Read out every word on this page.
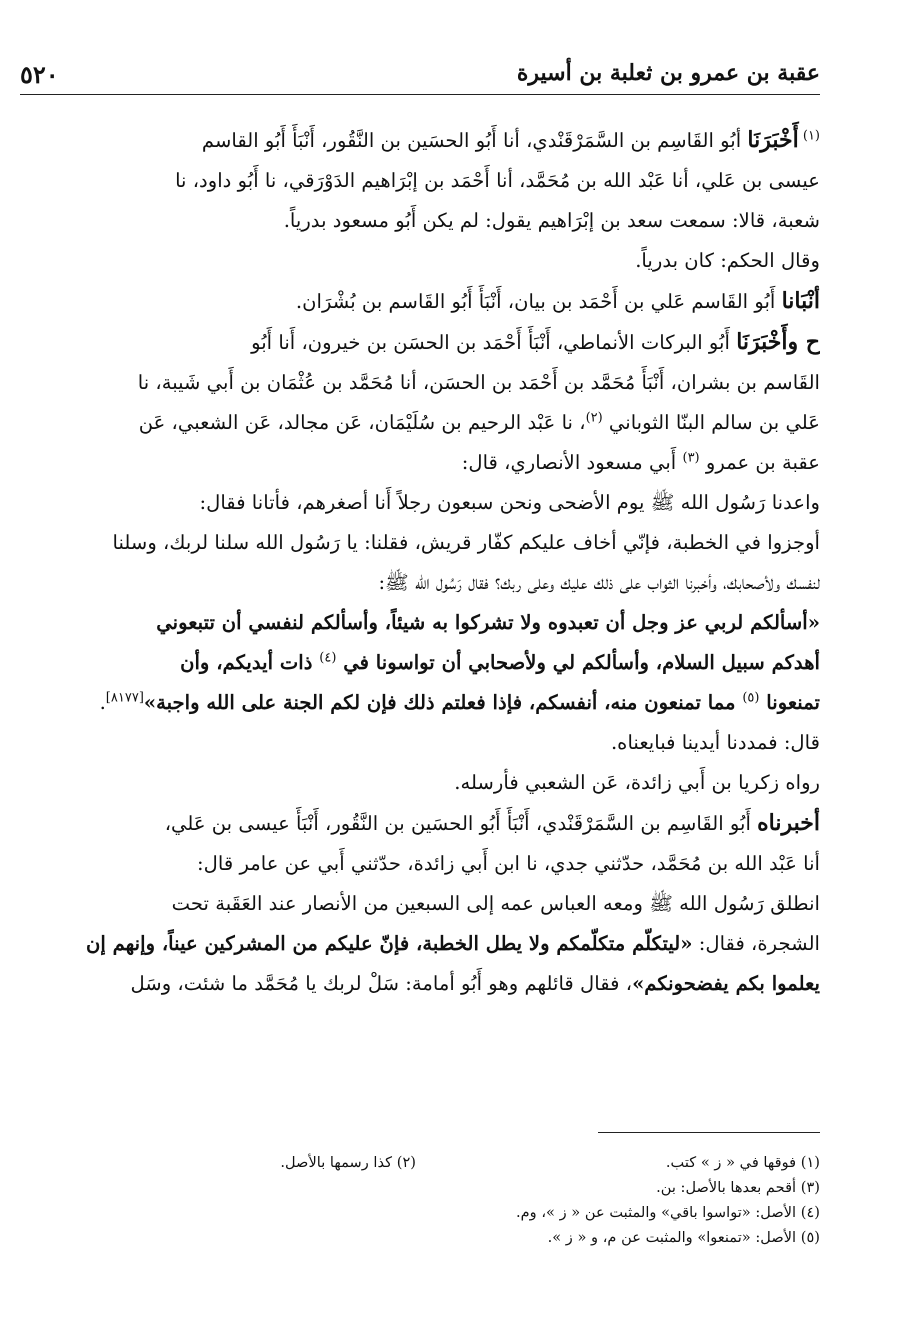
عقبة بن عمرو بن ثعلبة بن أسيرة
٥٢٠

$^{(١)}$ أَخْبَرَنَا أبُو القَاسِم بن السَّمَرْقَنْدي، أنا أَبُو الحسَين بن النَّقُور، أَنْبَأَ أَبُو القاسم

عيسى بن عَلي، أنا عَبْد الله بن مُحَمَّد، أنا أَحْمَد بن إبْرَاهيم الدَوْرَقي، نا أَبُو داود، نا

شعبة، قالا: سمعت سعد بن إبْرَاهيم يقول: لم يكن أَبُو مسعود بدرياً.

وقال الحكم: كان بدرياً.

أنْبَانا أَبُو القَاسم عَلي بن أَحْمَد بن بيان، أَنْبَأَ أَبُو القَاسم بن بُشْرَان.

ح وأَخْبَرَنَا أَبُو البركات الأنماطي، أَنْبَأَ أَحْمَد بن الحسَن بن خيرون، أَنا أَبُو

القَاسم بن بشران، أَنْبَأَ مُحَمَّد بن أَحْمَد بن الحسَن، أنا مُحَمَّد بن عُثْمَان بن أَبي شَيبة، نا

عَلي بن سالم البنّا الثوباني $^{(٢)}$، نا عَبْد الرحيم بن سُلَيْمَان، عَن مجالد، عَن الشعبي، عَن

عقبة بن عمرو $^{(٣)}$ أَبي مسعود الأنصاري، قال:

واعدنا رَسُول الله ﷺ يوم الأضحى ونحن سبعون رجلاً أَنا أصغرهم، فأتانا فقال:

أوجزوا في الخطبة، فإنّي أخاف عليكم كفّار قريش، فقلنا: يا رَسُول الله سلنا لربك، وسلنا

لنفسك ولأصحابك، وأخبرنا الثواب على ذلك عليك وعلى ربك؟ فقال رَسُول الله ﷺ:

«أسألكم لربي عز وجل أن تعبدوه ولا تشركوا به شيئاً، وأسألكم لنفسي أن تتبعوني

أهدكم سبيل السلام، وأسألكم لي ولأصحابي أن تواسونا في $^{(٤)}$ ذات أيديكم، وأن

تمنعونا $^{(٥)}$ مما تمنعون منه، أنفسكم، فإذا فعلتم ذلك فإن لكم الجنة على الله واجبة»[٨١٧٧].

قال: فمددنا أيدينا فبايعناه.

رواه زكريا بن أَبي زائدة، عَن الشعبي فأرسله.

أخبرناه أَبُو القَاسِم بن السَّمَرْقَنْدي، أَنْبَأَ أَبُو الحسَين بن النَّقُور، أَنْبَأَ عيسى بن عَلي،

أنا عَبْد الله بن مُحَمَّد، حدّثني جدي، نا ابن أَبي زائدة، حدّثني أَبي عن عامر قال:

انطلق رَسُول الله ﷺ ومعه العباس عمه إلى السبعين من الأنصار عند العَقَبة تحت

الشجرة، فقال: «ليتكلّم متكلّمكم ولا يطل الخطبة، فإنّ عليكم من المشركين عيناً، وإنهم إن

يعلموا بكم يفضحونكم»، فقال قائلهم وهو أَبُو أمامة: سَلْ لربك يا مُحَمَّد ما شئت، وسَل

(١) فوقها في « ز » كتب.
(٢) كذا رسمها بالأصل.
(٣) أقحم بعدها بالأصل: بن.
(٤) الأصل: «تواسوا باقي» والمثبت عن « ز »، وم.
(٥) الأصل: «تمنعوا» والمثبت عن م، و « ز ».
